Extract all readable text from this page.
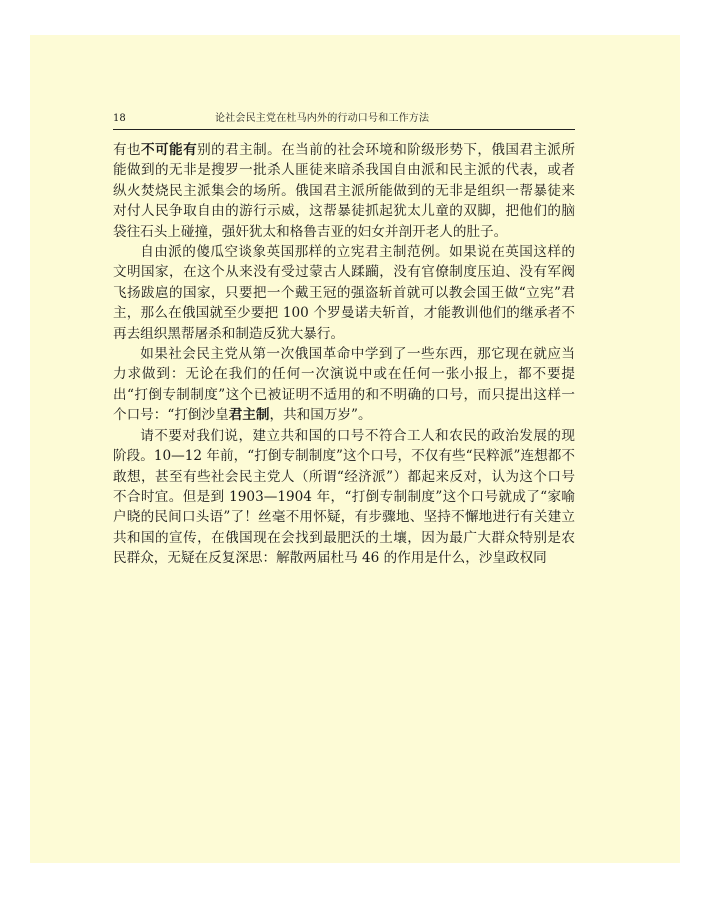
18	论社会民主党在杜马内外的行动口号和工作方法

有也不可能有别的君主制。在当前的社会环境和阶级形势下，俄国君主派所能做到的无非是搜罗一批杀人匪徒来暗杀我国自由派和民主派的代表，或者纵火焚烧民主派集会的场所。俄国君主派所能做到的无非是组织一帮暴徒来对付人民争取自由的游行示威，这帮暴徒抓起犹太儿童的双脚，把他们的脑袋往石头上碰撞，强奸犹太和格鲁吉亚的妇女并剖开老人的肚子。

自由派的傻瓜空谈象英国那样的立宪君主制范例。如果说在英国这样的文明国家，在这个从来没有受过蒙古人蹂躏，没有官僚制度压迫、没有军阀飞扬跋扈的国家，只要把一个戴王冠的强盗斩首就可以教会国王做“立宪”君主，那么在俄国就至少要把 100 个罗曼诺夫斩首，才能教训他们的继承者不再去组织黑帮屠杀和制造反犹大暴行。

如果社会民主党从第一次俄国革命中学到了一些东西，那它现在就应当力求做到：无论在我们的任何一次演说中或在任何一张小报上，都不要提出“打倒专制制度”这个已被证明不适用的和不明确的口号，而只提出这样一个口号：“打倒沙皇君主制，共和国万岁”。

请不要对我们说，建立共和国的口号不符合工人和农民的政治发展的现阶段。10—12 年前，“打倒专制制度”这个口号，不仅有些“民粹派”连想都不敢想，甚至有些社会民主党人（所谓“经济派”）都起来反对，认为这个口号不合时宜。但是到 1903—1904 年，“打倒专制制度”这个口号就成了“家喻户晓的民间口头语”了！丝毫不用怀疑，有步骤地、坚持不懈地进行有关建立共和国的宣传，在俄国现在会找到最肥沃的土壤，因为最广大群众特别是农民群众，无疑在反复深思：解散两届杜马 46 的作用是什么，沙皇政权同
